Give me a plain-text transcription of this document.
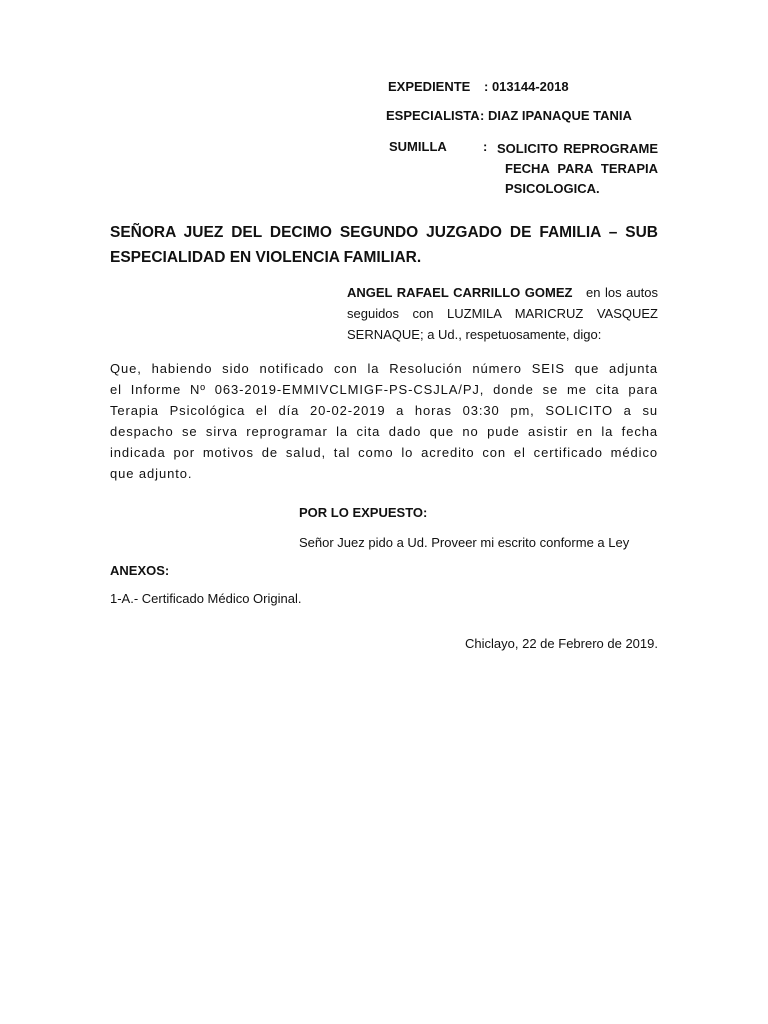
EXPEDIENTE : 013144-2018
ESPECIALISTA: DIAZ IPANAQUE TANIA
SUMILLA	: SOLICITO REPROGRAME
FECHA PARA TERAPIA
PSICOLOGICA.
SEÑORA JUEZ DEL DECIMO SEGUNDO JUZGADO DE FAMILIA – SUB
ESPECIALIDAD EN VIOLENCIA FAMILIAR.
ANGEL RAFAEL CARRILLO GOMEZ en los autos
seguidos con LUZMILA MARICRUZ VASQUEZ
SERNAQUE; a Ud., respetuosamente, digo:
Que, habiendo sido notificado con la Resolución número SEIS que adjunta
el Informe Nº 063-2019-EMMIVCLMIGF-PS-CSJLA/PJ, donde se me cita para
Terapia Psicológica el día 20-02-2019 a horas 03:30 pm, SOLICITO a su
despacho se sirva reprogramar la cita dado que no pude asistir en la fecha
indicada por motivos de salud, tal como lo acredito con el certificado médico
que adjunto.
POR LO EXPUESTO:
Señor Juez pido a Ud. Proveer mi escrito conforme a Ley
ANEXOS:
1-A.- Certificado Médico Original.
Chiclayo, 22 de Febrero de 2019.
